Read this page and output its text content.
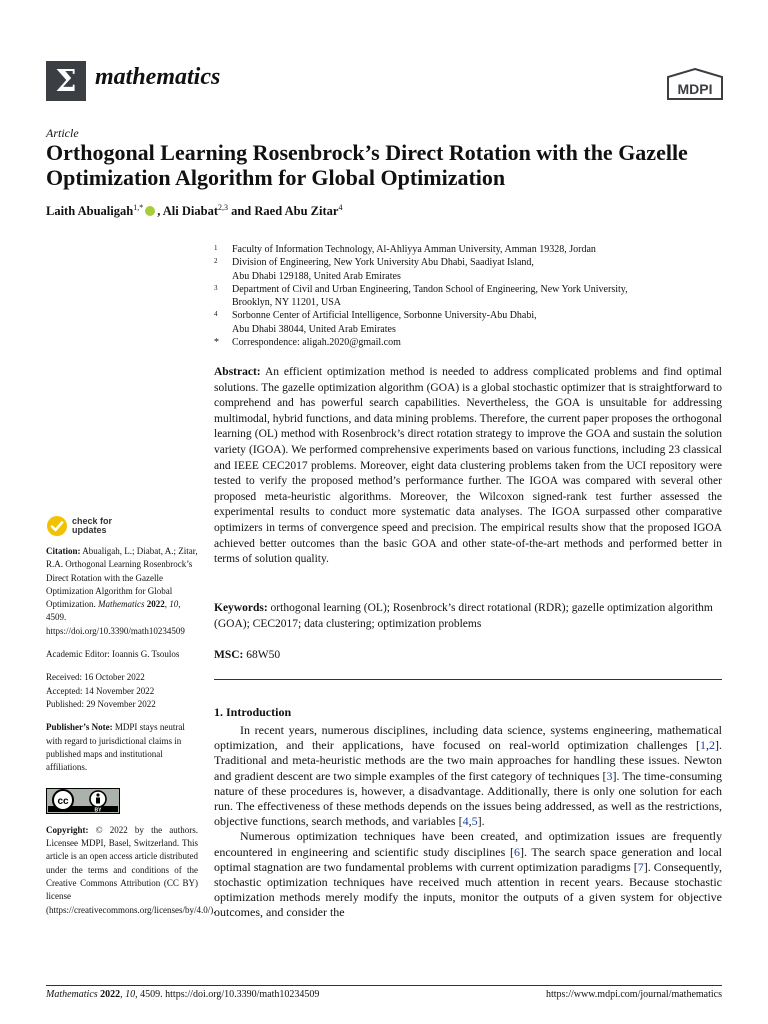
Σ mathematics	MDPI
Article
Orthogonal Learning Rosenbrock’s Direct Rotation with the Gazelle Optimization Algorithm for Global Optimization
Laith Abualigah$^{1,*}$ , Ali Diabat$^{2,3}$ and Raed Abu Zitar$^4$
1	Faculty of Information Technology, Al-Ahliyya Amman University, Amman 19328, Jordan
2	Division of Engineering, New York University Abu Dhabi, Saadiyat Island,
Abu Dhabi 129188, United Arab Emirates
3	Department of Civil and Urban Engineering, Tandon School of Engineering, New York University,
Brooklyn, NY 11201, USA
4	Sorbonne Center of Artificial Intelligence, Sorbonne University-Abu Dhabi,
Abu Dhabi 38044, United Arab Emirates
*	Correspondence: aligah.2020@gmail.com

Abstract: An efficient optimization method is needed to address complicated problems and find optimal solutions. The gazelle optimization algorithm (GOA) is a global stochastic optimizer that is straightforward to comprehend and has powerful search capabilities. Nevertheless, the GOA is unsuitable for addressing multimodal, hybrid functions, and data mining problems. Therefore, the current paper proposes the orthogonal learning (OL) method with Rosenbrock’s direct rotation strategy to improve the GOA and sustain the solution variety (IGOA). We performed comprehensive experiments based on various functions, including 23 classical and IEEE CEC2017 problems. Moreover, eight data clustering problems taken from the UCI repository were tested to verify the proposed method’s performance further. The IGOA was compared with several other proposed meta-heuristic algorithms. Moreover, the Wilcoxon signed-rank test further assessed the experimental results to conduct more systematic data analyses. The IGOA surpassed other comparative optimizers in terms of convergence speed and precision. The empirical results show that the proposed IGOA achieved better outcomes than the basic GOA and other state-of-the-art methods and performed better in terms of solution quality.

Keywords: orthogonal learning (OL); Rosenbrock’s direct rotational (RDR); gazelle optimization algorithm (GOA); CEC2017; data clustering; optimization problems

MSC: 68W50

1. Introduction

In recent years, numerous disciplines, including data science, systems engineering, mathematical optimization, and their applications, have focused on real-world optimization challenges [1,2]. Traditional and meta-heuristic methods are the two main approaches for handling these issues. Newton and gradient descent are two simple examples of the first category of techniques [3]. The time-consuming nature of these procedures is, however, a disadvantage. Additionally, there is only one solution for each run. The effectiveness of these methods depends on the issues being addressed, as well as the restrictions, objective functions, search methods, and variables [4,5].

Numerous optimization techniques have been created, and optimization issues are frequently encountered in engineering and scientific study disciplines [6]. The search space generation and local optimal stagnation are two fundamental problems with current optimization paradigms [7]. Consequently, stochastic optimization techniques have received much attention in recent years. Because stochastic optimization methods merely modify the inputs, monitor the outputs of a given system for objective outcomes, and consider the

check for
updates

Citation: Abualigah, L.; Diabat, A.; Zitar, R.A. Orthogonal Learning Rosenbrock’s Direct Rotation with the Gazelle Optimization Algorithm for Global Optimization. Mathematics 2022, 10, 4509. https://doi.org/10.3390/math10234509

Academic Editor: Ioannis G. Tsoulos

Received: 16 October 2022

Accepted: 14 November 2022

Published: 29 November 2022

Publisher’s Note: MDPI stays neutral with regard to jurisdictional claims in published maps and institutional affiliations.

cc
BY

Copyright: © 2022 by the authors. Licensee MDPI, Basel, Switzerland. This article is an open access article distributed under the terms and conditions of the Creative Commons Attribution (CC BY) license (https://creativecommons.org/licenses/by/4.0/).

Mathematics 2022, 10, 4509. https://doi.org/10.3390/math10234509	https://www.mdpi.com/journal/mathematics
